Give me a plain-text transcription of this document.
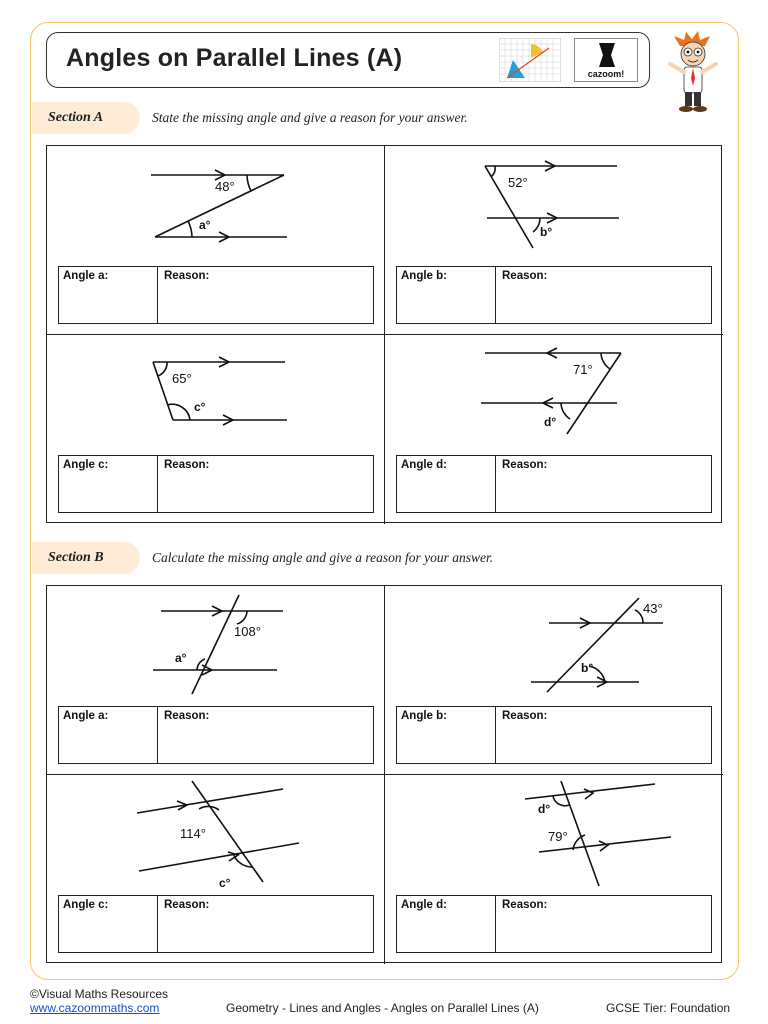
Angles on Parallel Lines (A)
cazoom!
Section A	State the missing angle and give a reason for your answer.
48°
a°
Angle a:	Reason:
52°
b°
Angle b:	Reason:
65°
c°
Angle c:	Reason:
71°
d°
Angle d:	Reason:
Section B	Calculate the missing angle and give a reason for your answer.
108°
a°
Angle a:	Reason:
43°
b°
Angle b:	Reason:
114°
c°
Angle c:	Reason:
d°
79°
Angle d:	Reason:
©Visual Maths Resources
www.cazoommaths.com	Geometry - Lines and Angles - Angles on Parallel Lines (A)	GCSE Tier: Foundation
